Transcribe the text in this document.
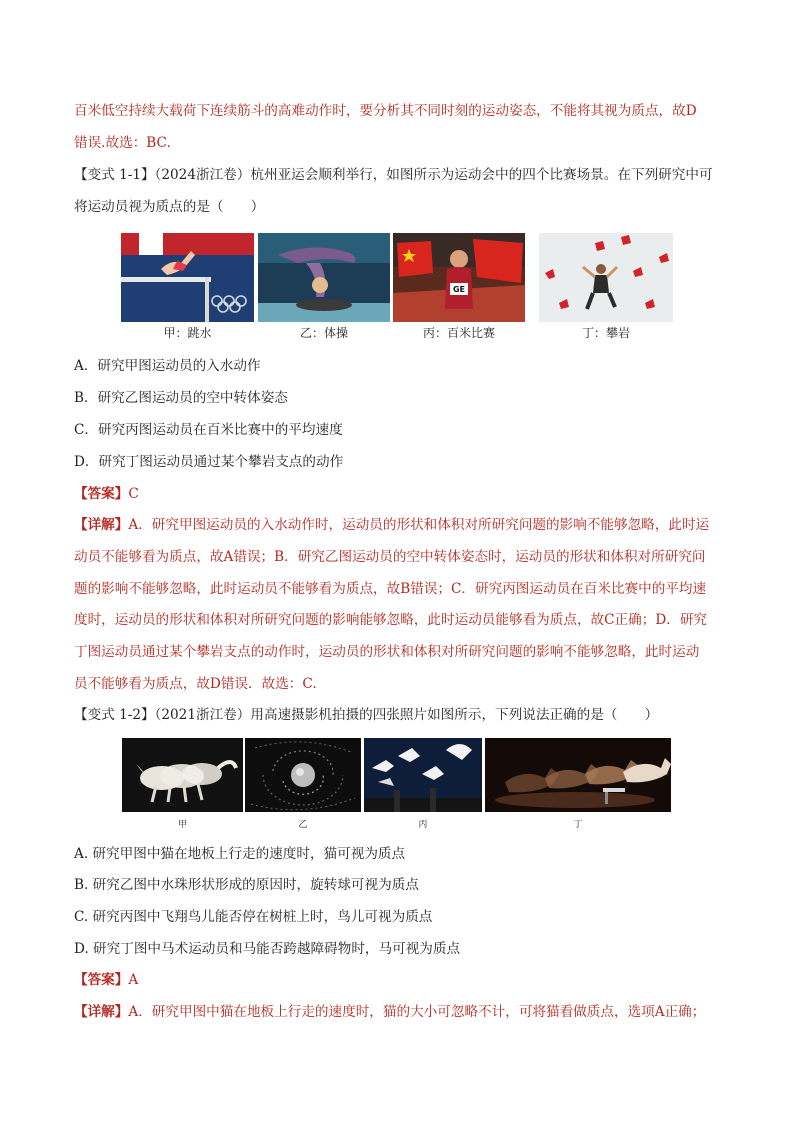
百米低空持续大载荷下连续筋斗的高难动作时，要分析其不同时刻的运动姿态，不能将其视为质点，故D
错误.故选：BC.
【变式 1-1】（2024浙江卷）杭州亚运会顺利举行，如图所示为运动会中的四个比赛场景。在下列研究中可
将运动员视为质点的是（　　）
甲：跳水	乙：体操
GE
丙：百米比赛	丁：攀岩
A．研究甲图运动员的入水动作
B．研究乙图运动员的空中转体姿态
C．研究丙图运动员在百米比赛中的平均速度
D．研究丁图运动员通过某个攀岩支点的动作
【答案】C
【详解】A．研究甲图运动员的入水动作时，运动员的形状和体积对所研究问题的影响不能够忽略，此时运
动员不能够看为质点，故A错误；B．研究乙图运动员的空中转体姿态时，运动员的形状和体积对所研究问
题的影响不能够忽略，此时运动员不能够看为质点，故B错误；C．研究丙图运动员在百米比赛中的平均速
度时，运动员的形状和体积对所研究问题的影响能够忽略，此时运动员能够看为质点，故C正确；D．研究
丁图运动员通过某个攀岩支点的动作时，运动员的形状和体积对所研究问题的影响不能够忽略，此时运动
员不能够看为质点，故D错误．故选：C.
【变式 1-2】（2021浙江卷）用高速摄影机拍摄的四张照片如图所示，下列说法正确的是（　　）
甲	乙	丙	丁
A. 研究甲图中猫在地板上行走的速度时，猫可视为质点
B. 研究乙图中水珠形状形成的原因时，旋转球可视为质点
C. 研究丙图中飞翔鸟儿能否停在树桩上时，鸟儿可视为质点
D. 研究丁图中马术运动员和马能否跨越障碍物时，马可视为质点
【答案】A
【详解】A．研究甲图中猫在地板上行走的速度时，猫的大小可忽略不计，可将猫看做质点，选项A正确；
